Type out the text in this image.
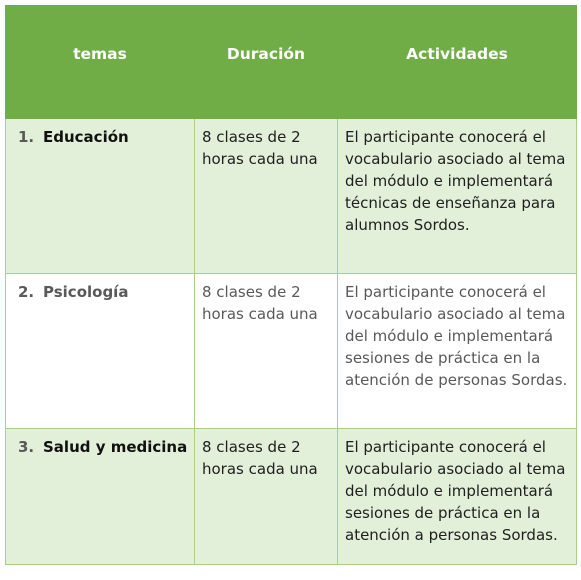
temas	Duración	Actividades
1. Educación	8 clases de 2 horas cada una	El participante conocerá el vocabulario asociado al tema del módulo e implementará técnicas de enseñanza para alumnos Sordos.
2. Psicología	8 clases de 2 horas cada una	El participante conocerá el vocabulario asociado al tema del módulo e implementará sesiones de práctica en la atención de personas Sordas.
3. Salud y medicina	8 clases de 2 horas cada una	El participante conocerá el vocabulario asociado al tema del módulo e implementará sesiones de práctica en la atención a personas Sordas.
